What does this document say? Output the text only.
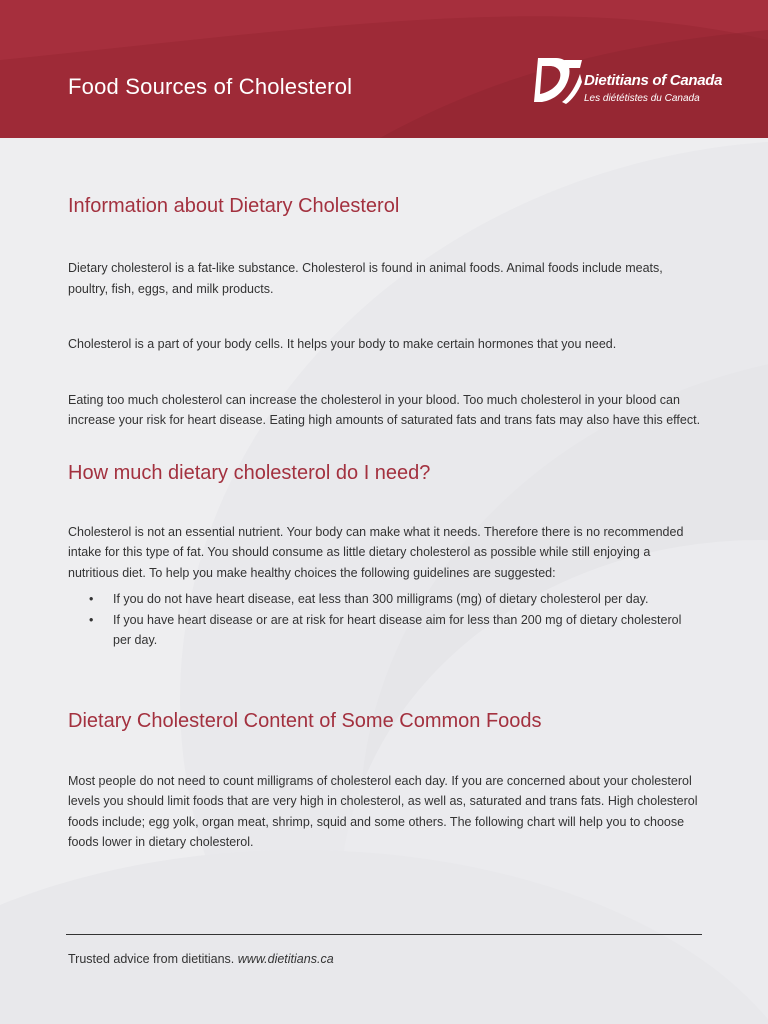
Food Sources of Cholesterol	Dietitians of Canada
Les diététistes du Canada
Information about Dietary Cholesterol

Dietary cholesterol is a fat-like substance. Cholesterol is found in animal foods. Animal foods include meats, poultry, fish, eggs, and milk products.

Cholesterol is a part of your body cells. It helps your body to make certain hormones that you need.

Eating too much cholesterol can increase the cholesterol in your blood. Too much cholesterol in your blood can increase your risk for heart disease. Eating high amounts of saturated fats and trans fats may also have this effect.

How much dietary cholesterol do I need?

Cholesterol is not an essential nutrient. Your body can make what it needs. Therefore there is no recommended intake for this type of fat. You should consume as little dietary cholesterol as possible while still enjoying a nutritious diet. To help you make healthy choices the following guidelines are suggested:

• If you do not have heart disease, eat less than 300 milligrams (mg) of dietary cholesterol per day.
• If you have heart disease or are at risk for heart disease aim for less than 200 mg of dietary cholesterol per day.
Dietary Cholesterol Content of Some Common Foods

Most people do not need to count milligrams of cholesterol each day. If you are concerned about your cholesterol levels you should limit foods that are very high in cholesterol, as well as, saturated and trans fats. High cholesterol foods include; egg yolk, organ meat, shrimp, squid and some others. The following chart will help you to choose foods lower in dietary cholesterol.

Trusted advice from dietitians. www.dietitians.ca
